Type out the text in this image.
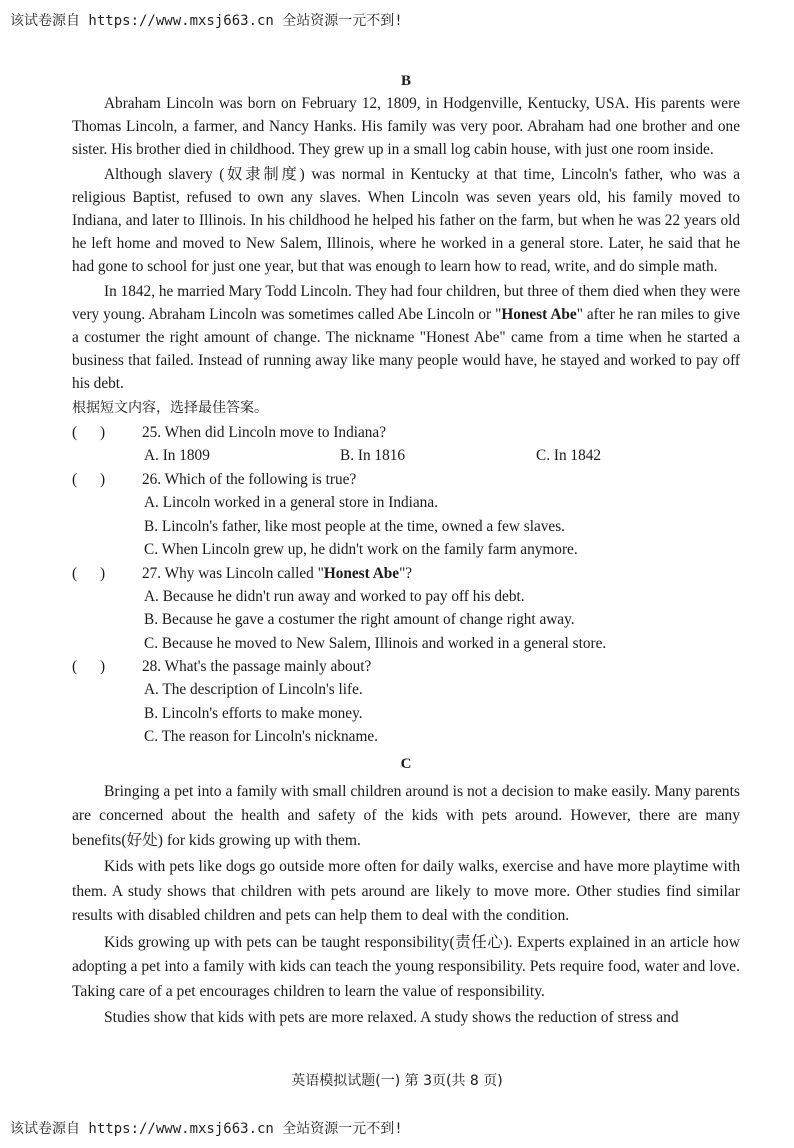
该试卷源自 https://www.mxsj663.cn 全站资源一元不到!
B

Abraham Lincoln was born on February 12, 1809, in Hodgenville, Kentucky, USA. His parents were Thomas Lincoln, a farmer, and Nancy Hanks. His family was very poor. Abraham had one brother and one sister. His brother died in childhood. They grew up in a small log cabin house, with just one room inside.

Although slavery (奴隶制度) was normal in Kentucky at that time, Lincoln's father, who was a religious Baptist, refused to own any slaves. When Lincoln was seven years old, his family moved to Indiana, and later to Illinois. In his childhood he helped his father on the farm, but when he was 22 years old he left home and moved to New Salem, Illinois, where he worked in a general store. Later, he said that he had gone to school for just one year, but that was enough to learn how to read, write, and do simple math.

In 1842, he married Mary Todd Lincoln. They had four children, but three of them died when they were very young. Abraham Lincoln was sometimes called Abe Lincoln or "Honest Abe" after he ran miles to give a costumer the right amount of change. The nickname "Honest Abe" came from a time when he started a business that failed. Instead of running away like many people would have, he stayed and worked to pay off his debt.

根据短文内容，选择最佳答案。
(      )	25. When did Lincoln move to Indiana?
A. In 1809	B. In 1816	C. In 1842
(      )	26. Which of the following is true?
A. Lincoln worked in a general store in Indiana.
B. Lincoln's father, like most people at the time, owned a few slaves.
C. When Lincoln grew up, he didn't work on the family farm anymore.
(      )	27. Why was Lincoln called "Honest Abe"?
A. Because he didn't run away and worked to pay off his debt.
B. Because he gave a costumer the right amount of change right away.
C. Because he moved to New Salem, Illinois and worked in a general store.
(      )	28. What's the passage mainly about?
A. The description of Lincoln's life.
B. Lincoln's efforts to make money.
C. The reason for Lincoln's nickname.
C

Bringing a pet into a family with small children around is not a decision to make easily. Many parents are concerned about the health and safety of the kids with pets around. However, there are many benefits(好处) for kids growing up with them.

Kids with pets like dogs go outside more often for daily walks, exercise and have more playtime with them. A study shows that children with pets around are likely to move more. Other studies find similar results with disabled children and pets can help them to deal with the condition.

Kids growing up with pets can be taught responsibility(责任心). Experts explained in an article how adopting a pet into a family with kids can teach the young responsibility. Pets require food, water and love. Taking care of a pet encourages children to learn the value of responsibility.

Studies show that kids with pets are more relaxed. A study shows the reduction of stress and

英语模拟试题(一) 第 3页(共 8 页)
该试卷源自 https://www.mxsj663.cn 全站资源一元不到!
